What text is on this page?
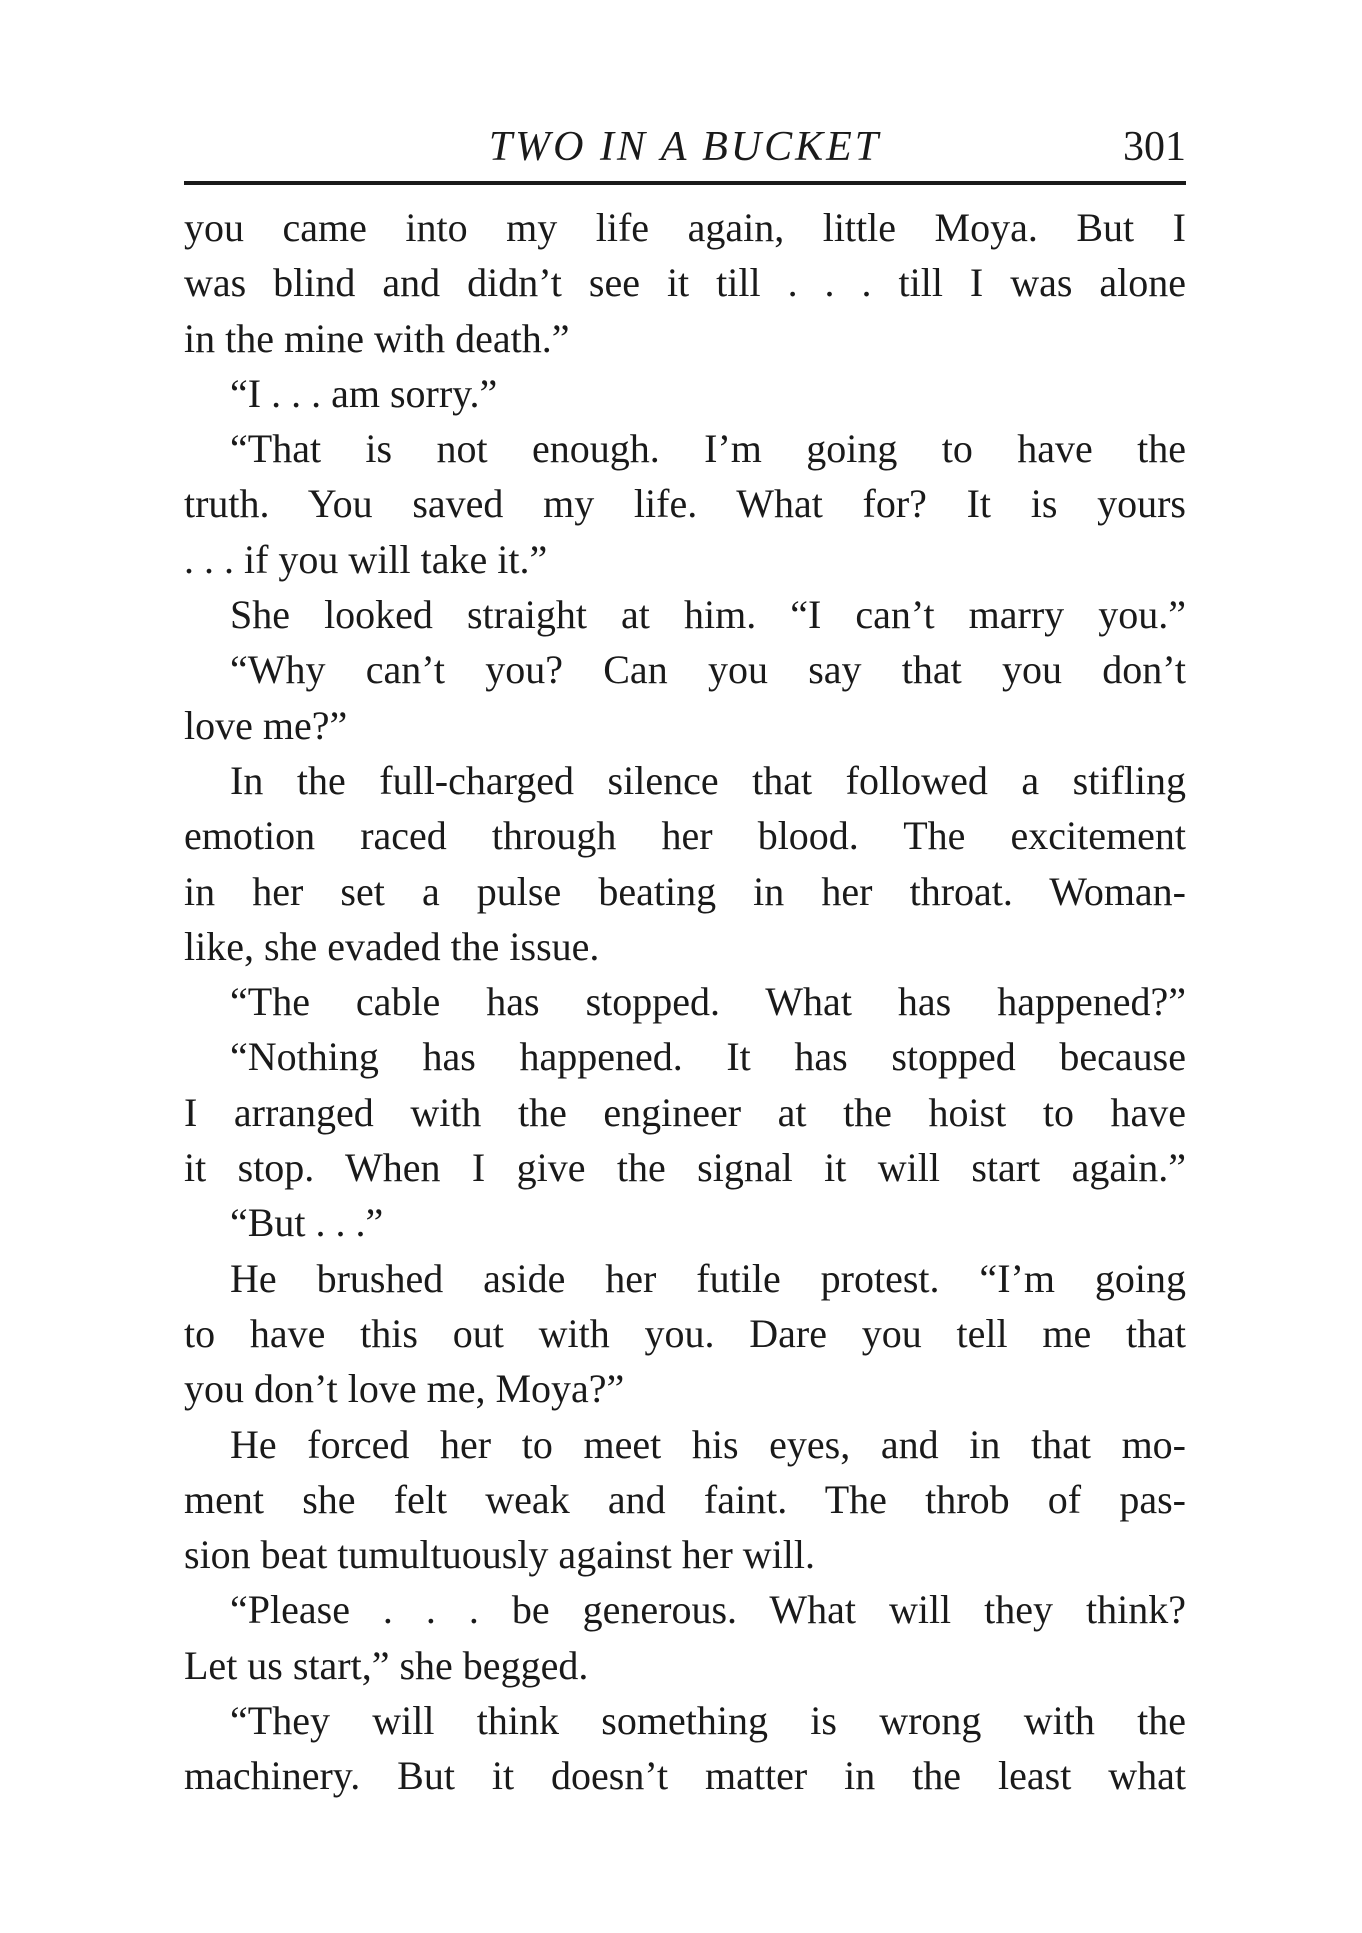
TWO IN A BUCKET	301
you came into my life again, little Moya. But I
was blind and didn’t see it till . . . till I was alone
in the mine with death.”
“I . . . am sorry.”
“That is not enough. I’m going to have the
truth. You saved my life. What for? It is yours
. . . if you will take it.”
She looked straight at him. “I can’t marry you.”
“Why can’t you? Can you say that you don’t
love me?”
In the full-charged silence that followed a stifling
emotion raced through her blood. The excitement
in her set a pulse beating in her throat. Woman-
like, she evaded the issue.
“The cable has stopped. What has happened?”
“Nothing has happened. It has stopped because
I arranged with the engineer at the hoist to have
it stop. When I give the signal it will start again.”
“But . . .”
He brushed aside her futile protest. “I’m going
to have this out with you. Dare you tell me that
you don’t love me, Moya?”
He forced her to meet his eyes, and in that mo-
ment she felt weak and faint. The throb of pas-
sion beat tumultuously against her will.
“Please . . . be generous. What will they think?
Let us start,” she begged.
“They will think something is wrong with the
machinery. But it doesn’t matter in the least what
